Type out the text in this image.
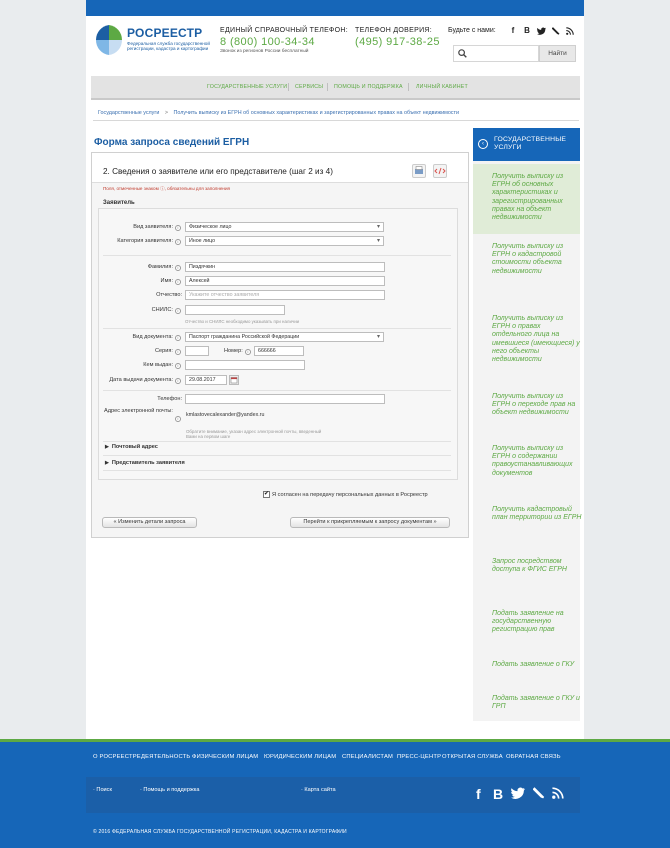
РОСРЕЕСТР
Федеральная служба государственной регистрации, кадастра и картографии
ЕДИНЫЙ СПРАВОЧНЫЙ ТЕЛЕФОН:
8 (800) 100-34-34
Звонок из регионов России бесплатный
ТЕЛЕФОН ДОВЕРИЯ:
(495) 917-38-25
Будьте с нами:	f	B
Найти
ГОСУДАРСТВЕННЫЕ УСЛУГИ СЕРВИСЫ ПОМОЩЬ И ПОДДЕРЖКА ЛИЧНЫЙ КАБИНЕТ
Государственные услуги > Получить выписку из ЕГРН об основных характеристиках и зарегистрированных правах на объект недвижимости
Форма запроса сведений ЕГРН
2. Сведения о заявителе или его представителе (шаг 2 из 4)
Поля, отмеченные знаком ⓘ, обязательны для заполнения
Заявитель
Вид заявителя:	i	Физическое лицо ▾
Категория заявителя:	i	Иное лицо ▾
Фамилия:	i	Пиздячкин
Имя:	i	Алексей
Отчество:	Укажите отчество заявителя
СНИЛС:	i
Отчество и СНИЛС необходимо указывать при наличии
Вид документа:	i	Паспорт гражданина Российской Федерации ▾
Серия:	i	Номер:	i	666666
Кем выдан:	i
Дата выдачи документа:	i	29.08.2017
Телефон:
Адрес электронной почты:
i
kmlastovecalexander@yandex.ru
Обратите внимание, указан адрес электронной почты, введенный Вами на первом шаге
▶ Почтовый адрес
▶ Представитель заявителя
✔ Я согласен на передачу персональных данных в Росреестр
« Изменить детали запроса	Перейти к прикрепляемым к запросу документам »
‹
ГОСУДАРСТВЕННЫЕ УСЛУГИ
Получить выписку из ЕГРН об основных характеристиках и зарегистрированных правах на объект недвижимости
Получить выписку из ЕГРН о кадастровой стоимости объекта недвижимости
Получить выписку из ЕГРН о правах отдельного лица на имевшиеся (имеющиеся) у него объекты недвижимости
Получить выписку из ЕГРН о переходе прав на объект недвижимости
Получить выписку из ЕГРН о содержании правоустанавливающих документов
Получить кадастровый план территории из ЕГРН
Запрос посредством доступа к ФГИС ЕГРН
Подать заявление на государственную регистрацию прав
Подать заявление о ГКУ
Подать заявление о ГКУ и ГРП
О РОСРЕЕСТРЕ ДЕЯТЕЛЬНОСТЬ ФИЗИЧЕСКИМ ЛИЦАМ ЮРИДИЧЕСКИМ ЛИЦАМ СПЕЦИАЛИСТАМ ПРЕСС-ЦЕНТР ОТКРЫТАЯ СЛУЖБА ОБРАТНАЯ СВЯЗЬ
· Поиск	· Помощь и поддержка	· Карта сайта	f B
© 2016 ФЕДЕРАЛЬНАЯ СЛУЖБА ГОСУДАРСТВЕННОЙ РЕГИСТРАЦИИ, КАДАСТРА И КАРТОГРАФИИ
